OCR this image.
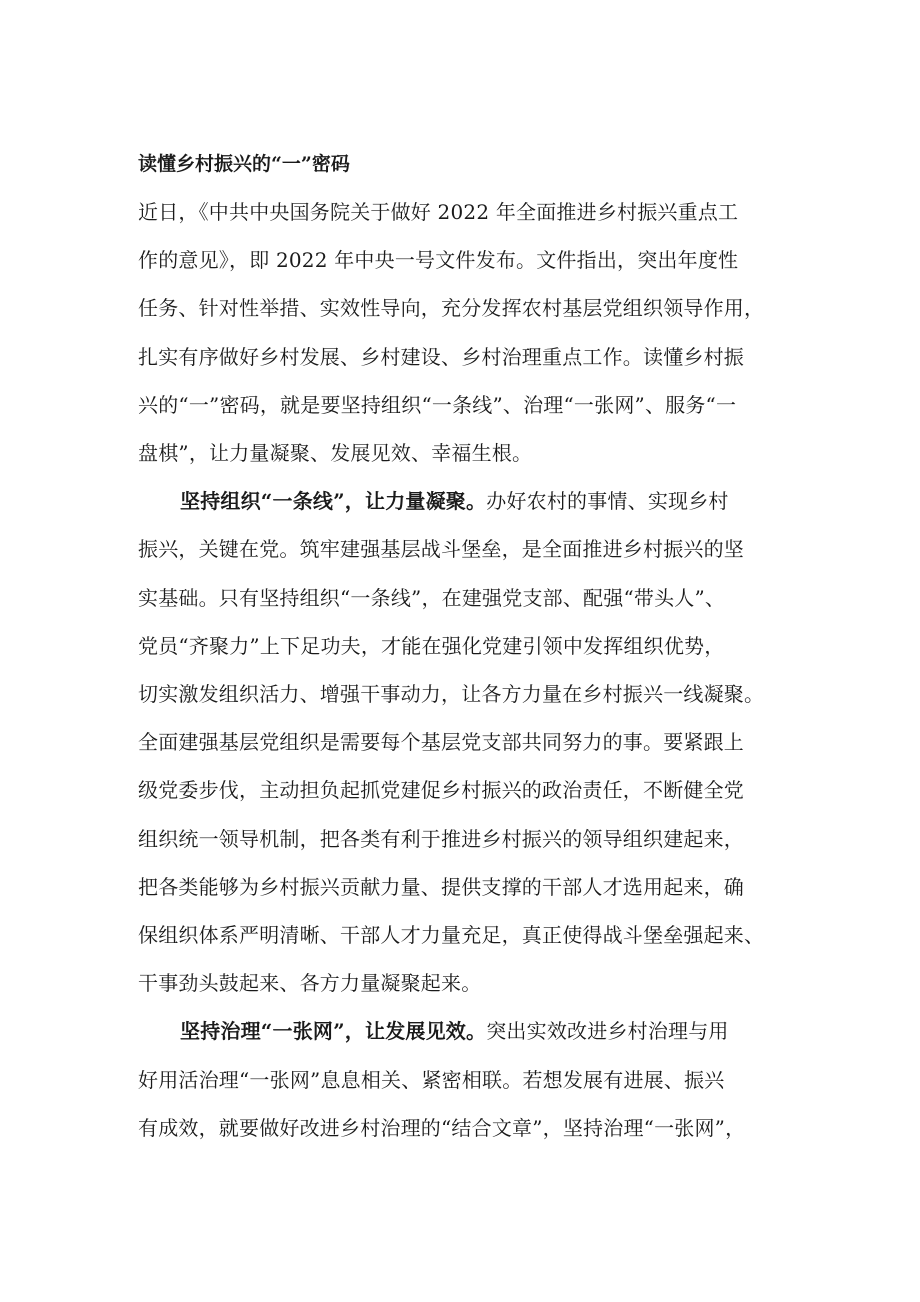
读懂乡村振兴的“一”密码

近日，《中共中央国务院关于做好 2022 年全面推进乡村振兴重点工
作的意见》，即 2022 年中央一号文件发布。文件指出，突出年度性
任务、针对性举措、实效性导向，充分发挥农村基层党组织领导作用，
扎实有序做好乡村发展、乡村建设、乡村治理重点工作。读懂乡村振
兴的“一”密码，就是要坚持组织“一条线”、治理“一张网”、服务“一
盘棋”，让力量凝聚、发展见效、幸福生根。

坚持组织“一条线”，让力量凝聚。办好农村的事情、实现乡村
振兴，关键在党。筑牢建强基层战斗堡垒，是全面推进乡村振兴的坚
实基础。只有坚持组织“一条线”，在建强党支部、配强“带头人”、
党员“齐聚力”上下足功夫，才能在强化党建引领中发挥组织优势，
切实激发组织活力、增强干事动力，让各方力量在乡村振兴一线凝聚。
全面建强基层党组织是需要每个基层党支部共同努力的事。要紧跟上
级党委步伐，主动担负起抓党建促乡村振兴的政治责任，不断健全党
组织统一领导机制，把各类有利于推进乡村振兴的领导组织建起来，
把各类能够为乡村振兴贡献力量、提供支撑的干部人才选用起来，确
保组织体系严明清晰、干部人才力量充足，真正使得战斗堡垒强起来、
干事劲头鼓起来、各方力量凝聚起来。

坚持治理“一张网”，让发展见效。突出实效改进乡村治理与用
好用活治理“一张网”息息相关、紧密相联。若想发展有进展、振兴
有成效，就要做好改进乡村治理的“结合文章”，坚持治理“一张网”，
